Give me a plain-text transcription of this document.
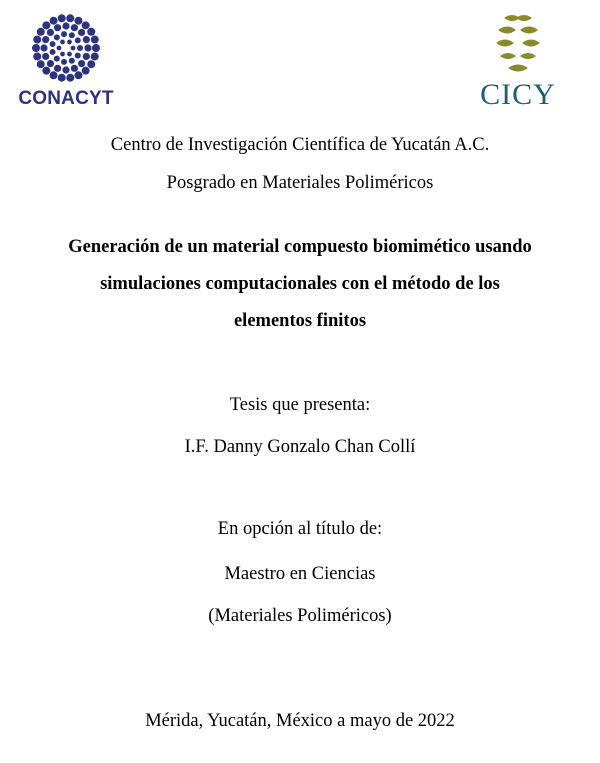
CONACYT	CICY
Centro de Investigación Científica de Yucatán A.C.
Posgrado en Materiales Poliméricos
Generación de un material compuesto biomimético usando
simulaciones computacionales con el método de los
elementos finitos
Tesis que presenta:
I.F. Danny Gonzalo Chan Collí
En opción al título de:
Maestro en Ciencias
(Materiales Poliméricos)
Mérida, Yucatán, México a mayo de 2022
